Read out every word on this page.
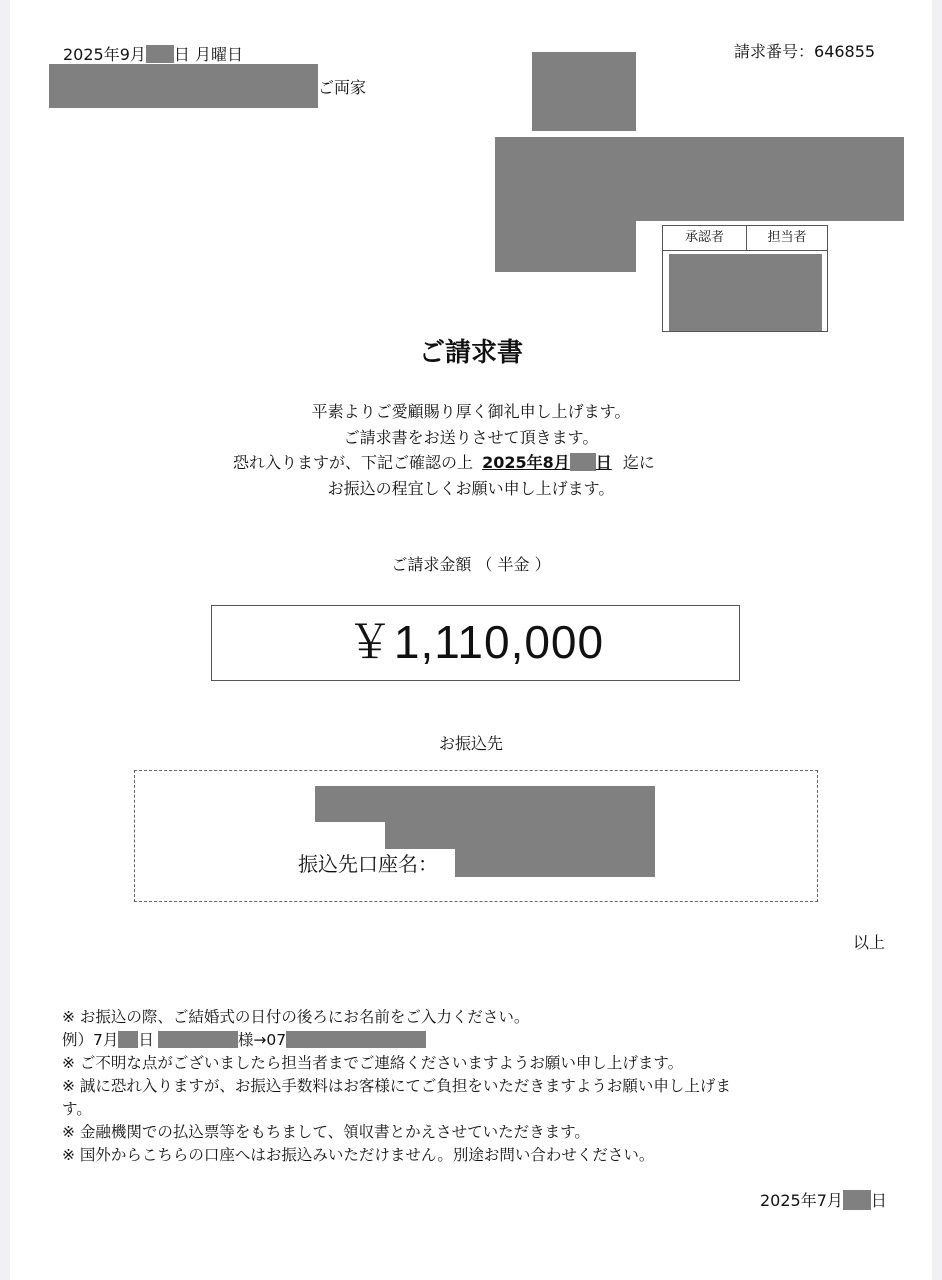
2025年9月 日 月曜日	請求番号：646855
ご両家
承認者	担当者
ご請求書
平素よりご愛顧賜り厚く御礼申し上げます。
ご請求書をお送りさせて頂きます。
恐れ入りますが、下記ご確認の上 2025年8月 日 迄に
お振込の程宜しくお願い申し上げます。
ご請求金額 （ 半金 ）
￥1,110,000
お振込先
振込先口座名：
以上
※ お振込の際、ご結婚式の日付の後ろにお名前をご入力ください。
例）7月 日	様→07
※ ご不明な点がございましたら担当者までご連絡くださいますようお願い申し上げます。
※ 誠に恐れ入りますが、お振込手数料はお客様にてご負担をいただきますようお願い申し上げま
す。
※ 金融機関での払込票等をもちまして、領収書とかえさせていただきます。
※ 国外からこちらの口座へはお振込みいただけません。別途お問い合わせください。
2025年7月 日
